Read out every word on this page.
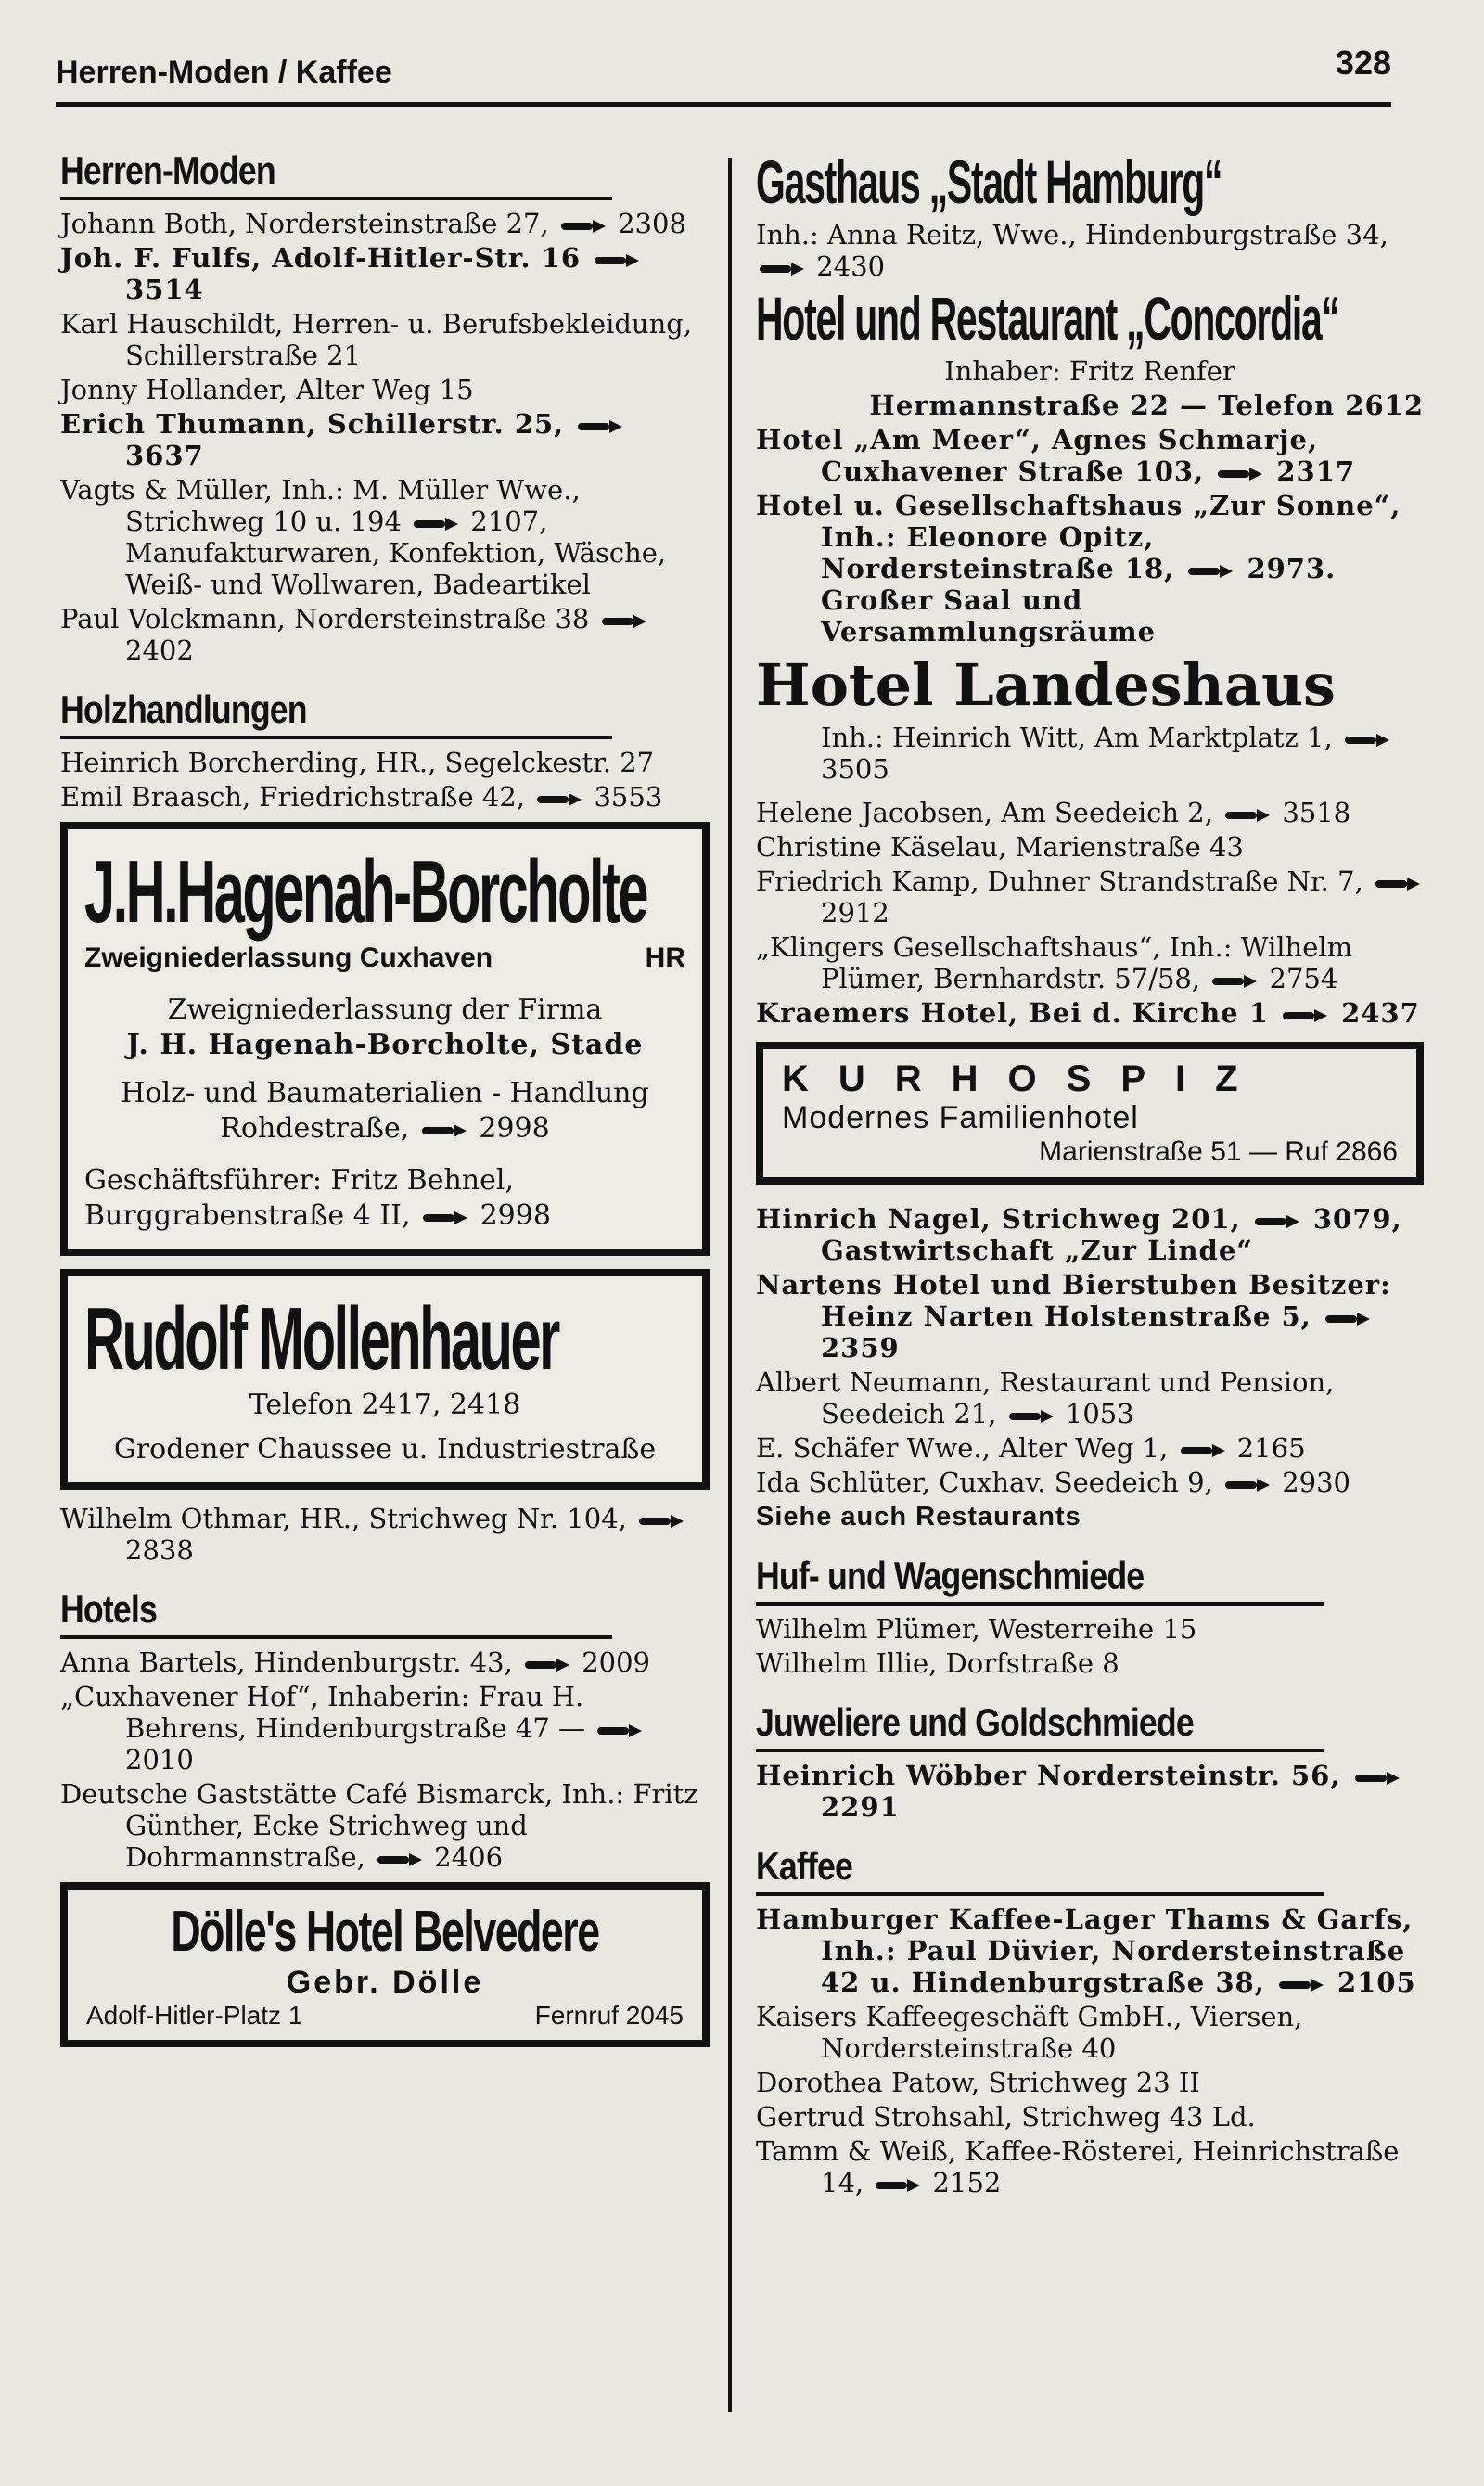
Herren-Moden / Kaffee	328
Herren-Moden

Johann Both, Nordersteinstraße 27,  2308

Joh. F. Fulfs, Adolf-Hitler-Str. 16  3514

Karl Hauschildt, Herren- u. Berufsbekleidung, Schillerstraße 21

Jonny Hollander, Alter Weg 15

Erich Thumann, Schillerstr. 25,  3637

Vagts & Müller, Inh.: M. Müller Wwe., Strichweg 10 u. 194  2107, Manufakturwaren, Konfektion, Wäsche, Weiß- und Wollwaren, Badeartikel

Paul Volckmann, Nordersteinstraße 38  2402

Holzhandlungen

Heinrich Borcherding, HR., Segelckestr. 27

Emil Braasch, Friedrichstraße 42,  3553

J.H.Hagenah-Borcholte
Zweigniederlassung Cuxhaven	HR
Zweigniederlassung der Firma
J. H. Hagenah-Borcholte, Stade
Holz- und Baumaterialien - Handlung
Rohdestraße,  2998
Geschäftsführer: Fritz Behnel, Burggrabenstraße 4 II,  2998
Rudolf Mollenhauer
Telefon 2417, 2418
Grodener Chaussee u. Industriestraße

Wilhelm Othmar, HR., Strichweg Nr. 104,  2838

Hotels

Anna Bartels, Hindenburgstr. 43,  2009

„Cuxhavener Hof“, Inhaberin: Frau H. Behrens, Hindenburgstraße 47 —  2010

Deutsche Gaststätte Café Bismarck, Inh.: Fritz Günther, Ecke Strichweg und Dohrmannstraße,  2406

Dölle's Hotel Belvedere
Gebr. Dölle
Adolf-Hitler-Platz 1	Fernruf 2045
Gasthaus „Stadt Hamburg“

Inh.: Anna Reitz, Wwe., Hindenburgstraße 34,  2430

Hotel und Restaurant „Concordia“

Inhaber: Fritz Renfer

Hermannstraße 22 — Telefon 2612

Hotel „Am Meer“, Agnes Schmarje, Cuxhavener Straße 103,  2317

Hotel u. Gesellschaftshaus „Zur Sonne“, Inh.: Eleonore Opitz, Nordersteinstraße 18,  2973. Großer Saal und Versammlungsräume

Hotel Landeshaus

Inh.: Heinrich Witt, Am Marktplatz 1,  3505

Helene Jacobsen, Am Seedeich 2,  3518

Christine Käselau, Marienstraße 43

Friedrich Kamp, Duhner Strandstraße Nr. 7,  2912

„Klingers Gesellschaftshaus“, Inh.: Wilhelm Plümer, Bernhardstr. 57/58,  2754

Kraemers Hotel, Bei d. Kirche 1  2437

KURHOSPIZ
Modernes Familienhotel
Marienstraße 51 — Ruf 2866

Hinrich Nagel, Strichweg 201,  3079, Gastwirtschaft „Zur Linde“

Nartens Hotel und Bierstuben Besitzer: Heinz Narten Holstenstraße 5,  2359

Albert Neumann, Restaurant und Pension, Seedeich 21,  1053

E. Schäfer Wwe., Alter Weg 1,  2165

Ida Schlüter, Cuxhav. Seedeich 9,  2930

Siehe auch Restaurants

Huf- und Wagenschmiede

Wilhelm Plümer, Westerreihe 15

Wilhelm Illie, Dorfstraße 8

Juweliere und Goldschmiede

Heinrich Wöbber Nordersteinstr. 56,  2291

Kaffee

Hamburger Kaffee-Lager Thams & Garfs, Inh.: Paul Düvier, Nordersteinstraße 42 u. Hindenburgstraße 38,  2105

Kaisers Kaffeegeschäft GmbH., Viersen, Nordersteinstraße 40

Dorothea Patow, Strichweg 23 II

Gertrud Strohsahl, Strichweg 43 Ld.

Tamm & Weiß, Kaffee-Rösterei, Heinrichstraße 14,  2152
